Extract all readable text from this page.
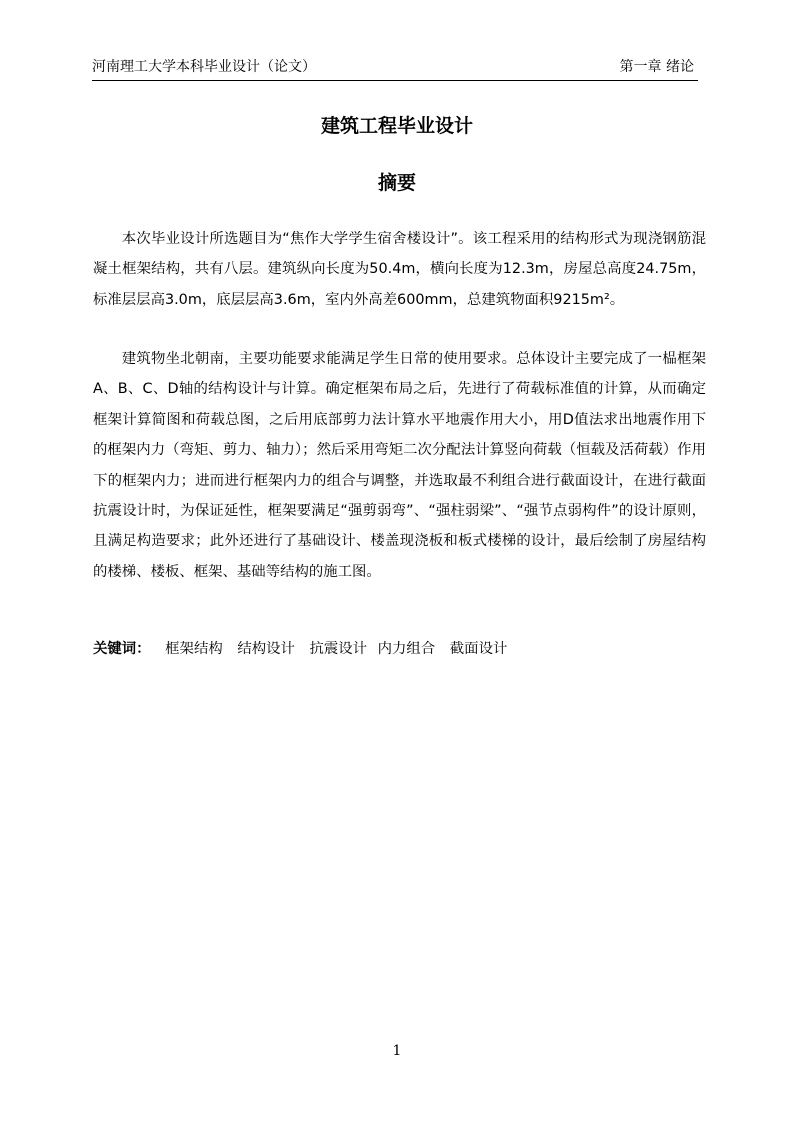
河南理工大学本科毕业设计（论文）	第一章 绪论
建筑工程毕业设计
摘要

本次毕业设计所选题目为“焦作大学学生宿舍楼设计”。该工程采用的结构形式为现浇钢筋混凝土框架结构，共有八层。建筑纵向长度为50.4m，横向长度为12.3m，房屋总高度24.75m，标准层层高3.0m，底层层高3.6m，室内外高差600mm，总建筑物面积9215m²。

建筑物坐北朝南，主要功能要求能满足学生日常的使用要求。总体设计主要完成了一榀框架A、B、C、D轴的结构设计与计算。确定框架布局之后，先进行了荷载标准值的计算，从而确定框架计算简图和荷载总图，之后用底部剪力法计算水平地震作用大小，用D值法求出地震作用下的框架内力（弯矩、剪力、轴力）；然后采用弯矩二次分配法计算竖向荷载（恒载及活荷载）作用下的框架内力；进而进行框架内力的组合与调整，并选取最不利组合进行截面设计，在进行截面抗震设计时，为保证延性，框架要满足“强剪弱弯”、“强柱弱梁”、“强节点弱构件”的设计原则，且满足构造要求；此外还进行了基础设计、楼盖现浇板和板式楼梯的设计，最后绘制了房屋结构的楼梯、楼板、框架、基础等结构的施工图。

关键词： 框架结构 结构设计 抗震设计 内力组合 截面设计
1
